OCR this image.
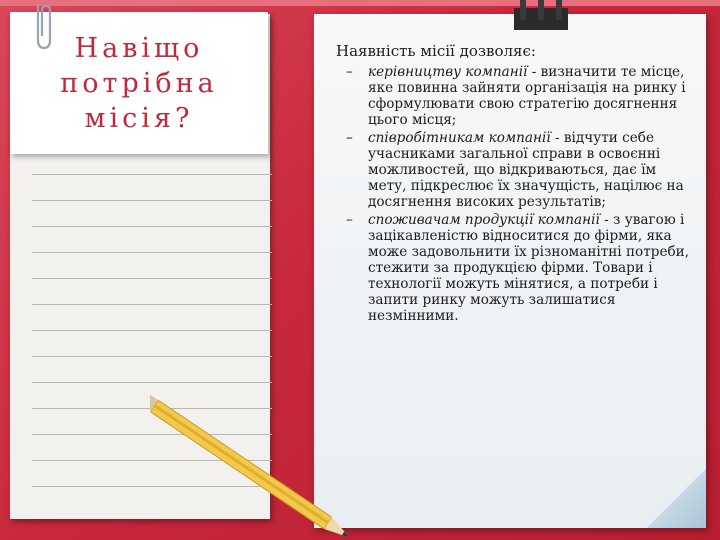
Навіщо
потрібна
місія?

Наявність місії дозволяє:

– керівництву компанії - визначити те місце, яке повинна зайняти організація на ринку і сформулювати свою стратегію досягнення цього місця;
– співробітникам компанії - відчути себе учасниками загальної справи в освоєнні можливостей, що відкриваються, дає їм мету, підкреслює їх значущість, націлює на досягнення високих результатів;
– споживачам продукції компанії - з увагою і зацікавленістю відноситися до фірми, яка може задовольнити їх різноманітні потреби, стежити за продукцією фірми. Товари і технології можуть мінятися, а потреби і запити ринку можуть залишатися незмінними.
